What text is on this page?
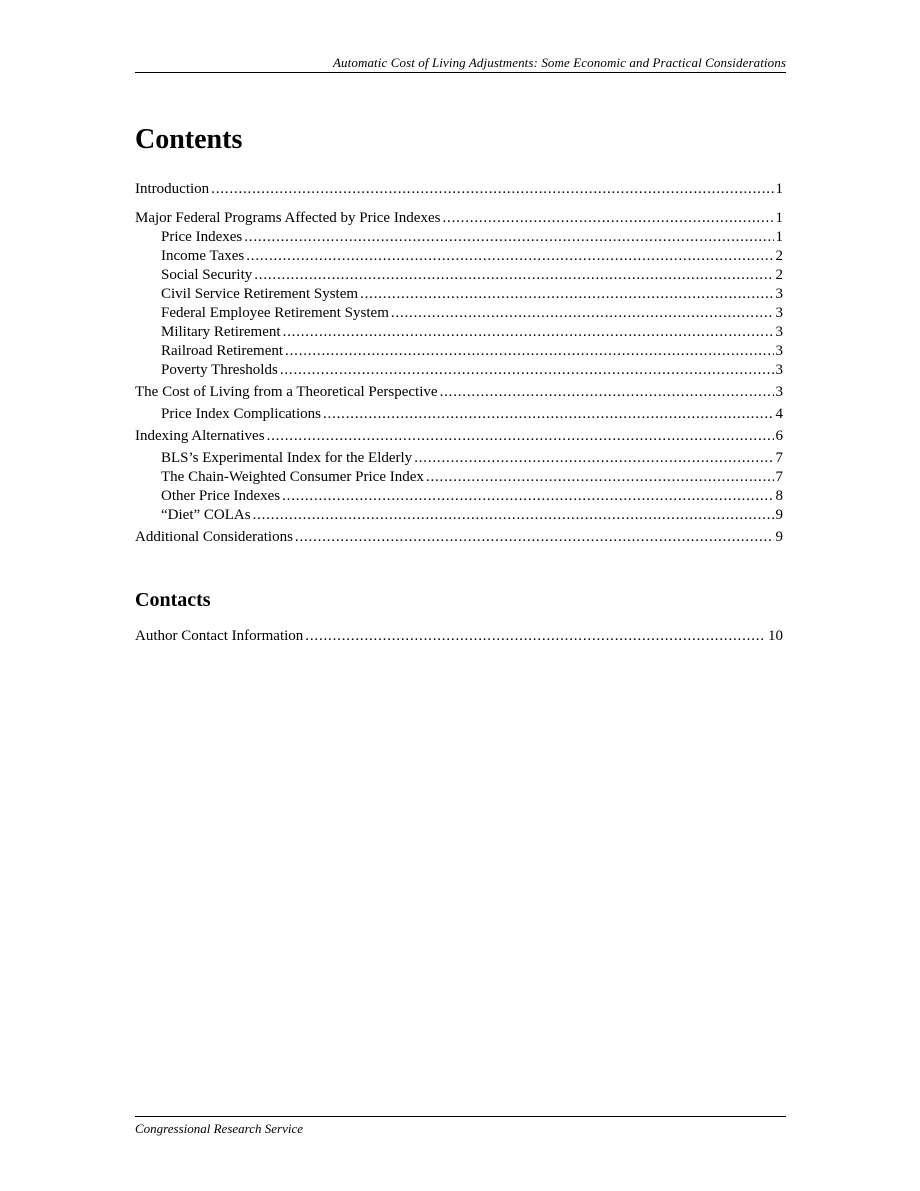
Automatic Cost of Living Adjustments: Some Economic and Practical Considerations
Contents
Introduction .....	1
Major Federal Programs Affected by Price Indexes .....	1
Price Indexes .....	1
Income Taxes .....	2
Social Security .....	2
Civil Service Retirement System .....	3
Federal Employee Retirement System .....	3
Military Retirement .....	3
Railroad Retirement .....	3
Poverty Thresholds .....	3
The Cost of Living from a Theoretical Perspective .....	3
Price Index Complications .....	4
Indexing Alternatives .....	6
BLS’s Experimental Index for the Elderly .....	7
The Chain-Weighted Consumer Price Index .....	7
Other Price Indexes .....	8
“Diet” COLAs .....	9
Additional Considerations .....	9
Contacts
Author Contact Information .....	10
Congressional Research Service
